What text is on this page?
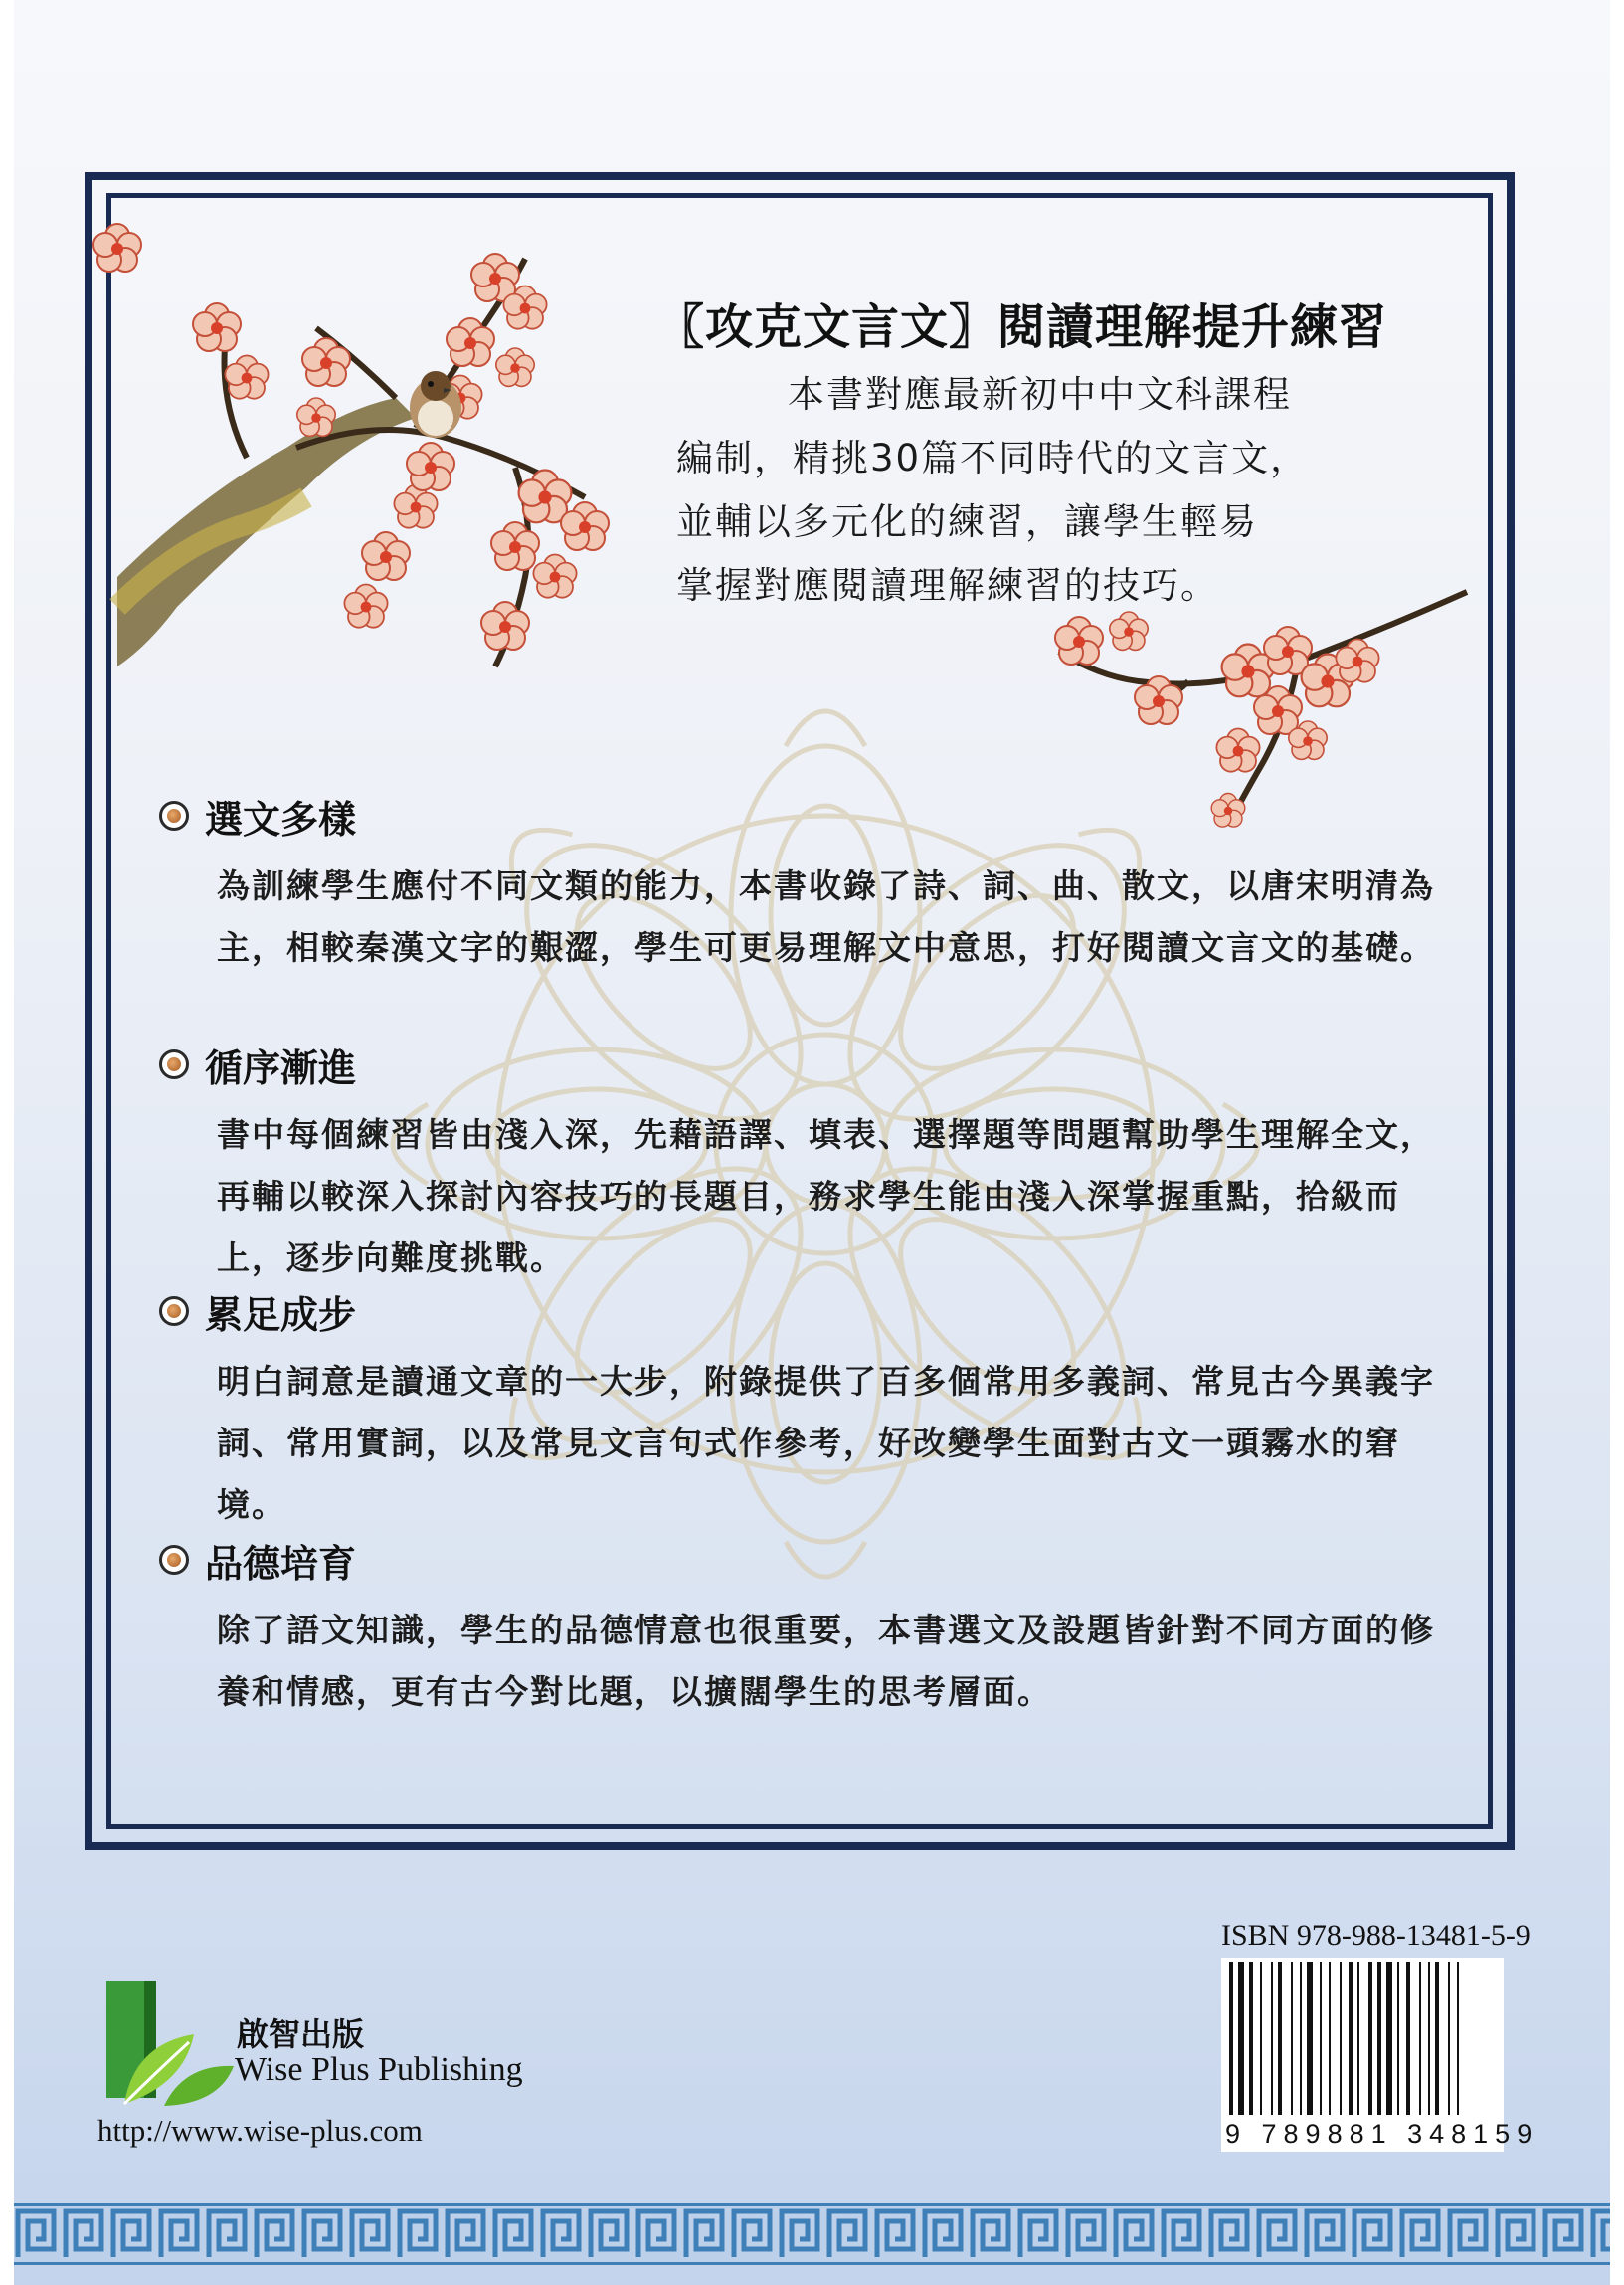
〖攻克文言文〗閱讀理解提升練習
本書對應最新初中中文科課程
編制，精挑30篇不同時代的文言文，
並輔以多元化的練習，讓學生輕易
掌握對應閱讀理解練習的技巧。
選文多樣
為訓練學生應付不同文類的能力，本書收錄了詩、詞、曲、散文，以唐宋明清為主，相較秦漢文字的艱澀，學生可更易理解文中意思，打好閱讀文言文的基礎。
循序漸進
書中每個練習皆由淺入深，先藉語譯、填表、選擇題等問題幫助學生理解全文，再輔以較深入探討內容技巧的長題目，務求學生能由淺入深掌握重點，拾級而上，逐步向難度挑戰。
累足成步
明白詞意是讀通文章的一大步，附錄提供了百多個常用多義詞、常見古今異義字詞、常用實詞，以及常見文言句式作參考，好改變學生面對古文一頭霧水的窘境。
品德培育
除了語文知識，學生的品德情意也很重要，本書選文及設題皆針對不同方面的修養和情感，更有古今對比題，以擴闊學生的思考層面。
ISBN 978-988-13481-5-9
9 789881 348159
啟智出版
Wise Plus Publishing
http://www.wise-plus.com
